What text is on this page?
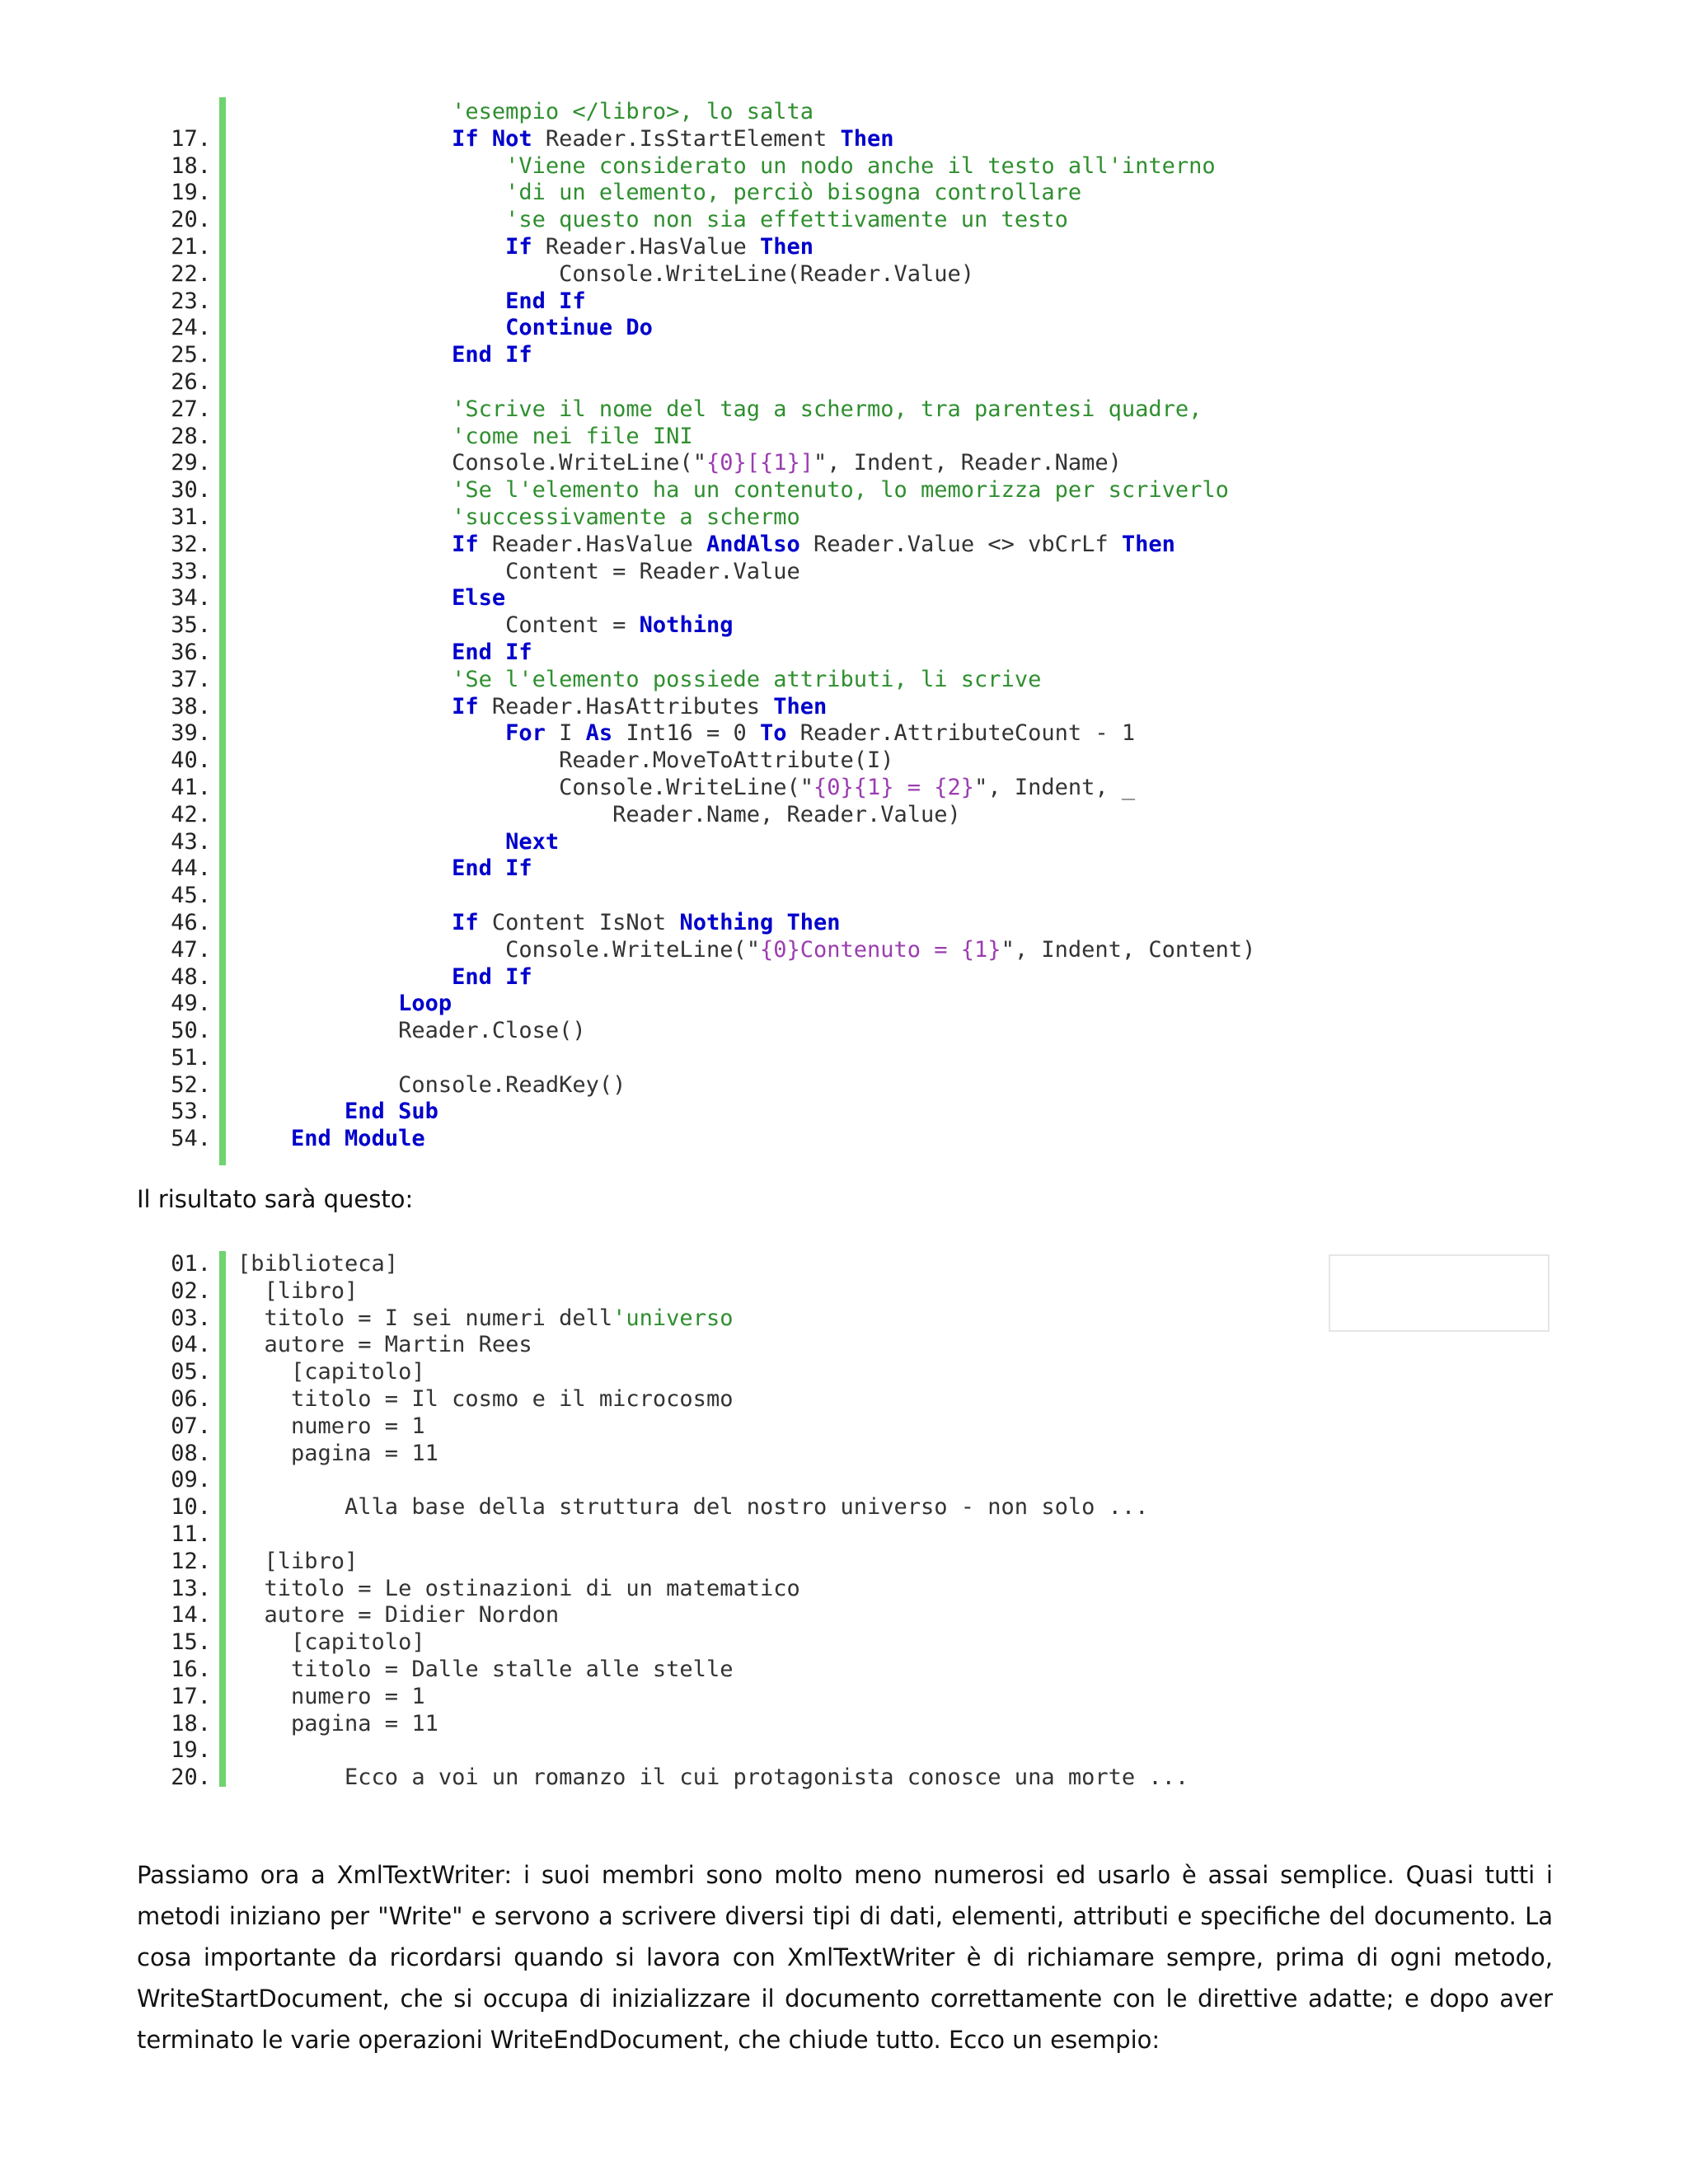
'esempio </libro>, lo salta
17.	If Not Reader.IsStartElement Then
18.	'Viene considerato un nodo anche il testo all'interno
19.	'di un elemento, perciò bisogna controllare
20.	'se questo non sia effettivamente un testo
21.	If Reader.HasValue Then
22.	Console.WriteLine(Reader.Value)
23.	End If
24.	Continue Do
25.	End If
26.
27.	'Scrive il nome del tag a schermo, tra parentesi quadre,
28.	'come nei file INI
29.	Console.WriteLine("{0}[{1}]", Indent, Reader.Name)
30.	'Se l'elemento ha un contenuto, lo memorizza per scriverlo
31.	'successivamente a schermo
32.	If Reader.HasValue AndAlso Reader.Value <> vbCrLf Then
33.	Content = Reader.Value
34.	Else
35.	Content = Nothing
36.	End If
37.	'Se l'elemento possiede attributi, li scrive
38.	If Reader.HasAttributes Then
39.	For I As Int16 = 0 To Reader.AttributeCount - 1
40.	Reader.MoveToAttribute(I)
41.	Console.WriteLine("{0}{1} = {2}", Indent, _
42.	Reader.Name, Reader.Value)
43.	Next
44.	End If
45.
46.	If Content IsNot Nothing Then
47.	Console.WriteLine("{0}Contenuto = {1}", Indent, Content)
48.	End If
49.	Loop
50.	Reader.Close()
51.
52.	Console.ReadKey()
53.	End Sub
54.	End Module
Il risultato sarà questo:
01. [biblioteca]
02. [libro]
03. titolo = I sei numeri dell'universo
04. autore = Martin Rees
05. [capitolo]
06. titolo = Il cosmo e il microcosmo
07. numero = 1
08. pagina = 11
09.
10. Alla base della struttura del nostro universo - non solo ...
11.
12. [libro]
13. titolo = Le ostinazioni di un matematico
14. autore = Didier Nordon
15. [capitolo]
16. titolo = Dalle stalle alle stelle
17. numero = 1
18. pagina = 11
19.
20. Ecco a voi un romanzo il cui protagonista conosce una morte ...
Passiamo ora a XmlTextWriter: i suoi membri sono molto meno numerosi ed usarlo è assai semplice. Quasi tutti i metodi iniziano per "Write" e servono a scrivere diversi tipi di dati, elementi, attributi e specifiche del documento. La cosa importante da ricordarsi quando si lavora con XmlTextWriter è di richiamare sempre, prima di ogni metodo, WriteStartDocument, che si occupa di inizializzare il documento correttamente con le direttive adatte; e dopo aver terminato le varie operazioni WriteEndDocument, che chiude tutto. Ecco un esempio:
